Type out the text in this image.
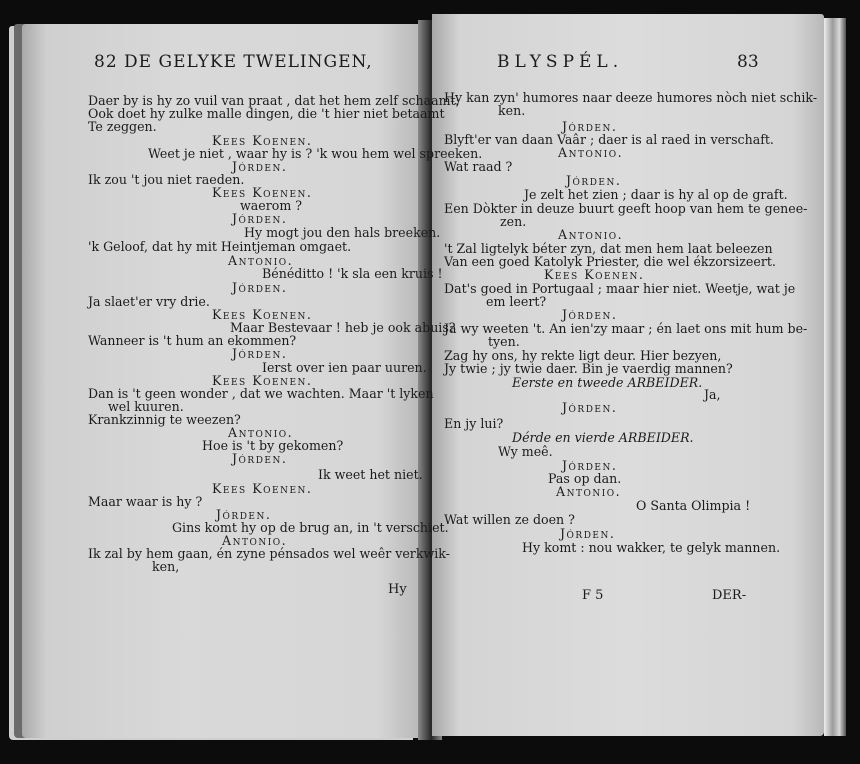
82 DE GELYKE TWELINGEN,	BLYSPÉL.	83
Daer by is hy zo vuil van praat , dat het hem zelf schaamt;
Ook doet hy zulke malle dingen, die 't hier niet betaamt
Te zeggen.
Kees Koenen.
Weet je niet , waar hy is ? 'k wou hem wel spreeken.
Jórden.
Ik zou 't jou niet raeden.
Kees Koenen.
waerom ?
Jórden.
Hy mogt jou den hals breeken.
'k Geloof, dat hy mit Heintjeman omgaet.
Antonio.
Bénéditto ! 'k sla een kruis !
Jórden.
Ja slaet'er vry drie.
Kees Koenen.
Maar Bestevaar ! heb je ook abuis?
Wanneer is 't hum an ekommen?
Jórden.
Ierst over ien paar uuren.
Kees Koenen.
Dan is 't geen wonder , dat we wachten. Maar 't lyken
wel kuuren.
Krankzinnig te weezen?
Antonio.
Hoe is 't by gekomen?
Jórden.
Ik weet het niet.
Kees Koenen.
Maar waar is hy ?
Jórden.
Gins komt hy op de brug an, in 't verschiet.
Antonio.
Ik zal by hem gaan, én zyne pénsados wel weêr verkwik-
ken,
Hy kan zyn' humores naar deeze humores nòch niet schik-
ken.
Jórden.
Blyft'er van daan Vaâr ; daer is al raed in verschaft.
Antonio.
Wat raad ?
Jórden.
Je zelt het zien ; daar is hy al op de graft.
Een Dòkter in deuze buurt geeft hoop van hem te genee-
zen.
Antonio.
't Zal ligtelyk béter zyn, dat men hem laat beleezen
Van een goed Katolyk Priester, die wel ékzorsizeert.
Kees Koenen.
Dat's goed in Portugaal ; maar hier niet. Weetje, wat je
em leert?
Jórden.
Ja wy weeten 't. An ien'zy maar ; én laet ons mit hum be-
tyen.
Zag hy ons, hy rekte ligt deur. Hier bezyen,
Jy twie ; jy twie daer. Bin je vaerdig mannen?
Eerste en tweede ARBEIDER.
Ja,
Jórden.
En jy lui?
Dérde en vierde ARBEIDER.
Wy meê.
Jórden.
Pas op dan.
Antonio.
O Santa Olimpia !
Wat willen ze doen ?
Jórden.
Hy komt : nou wakker, te gelyk mannen.
Hy	F 5	DER-
